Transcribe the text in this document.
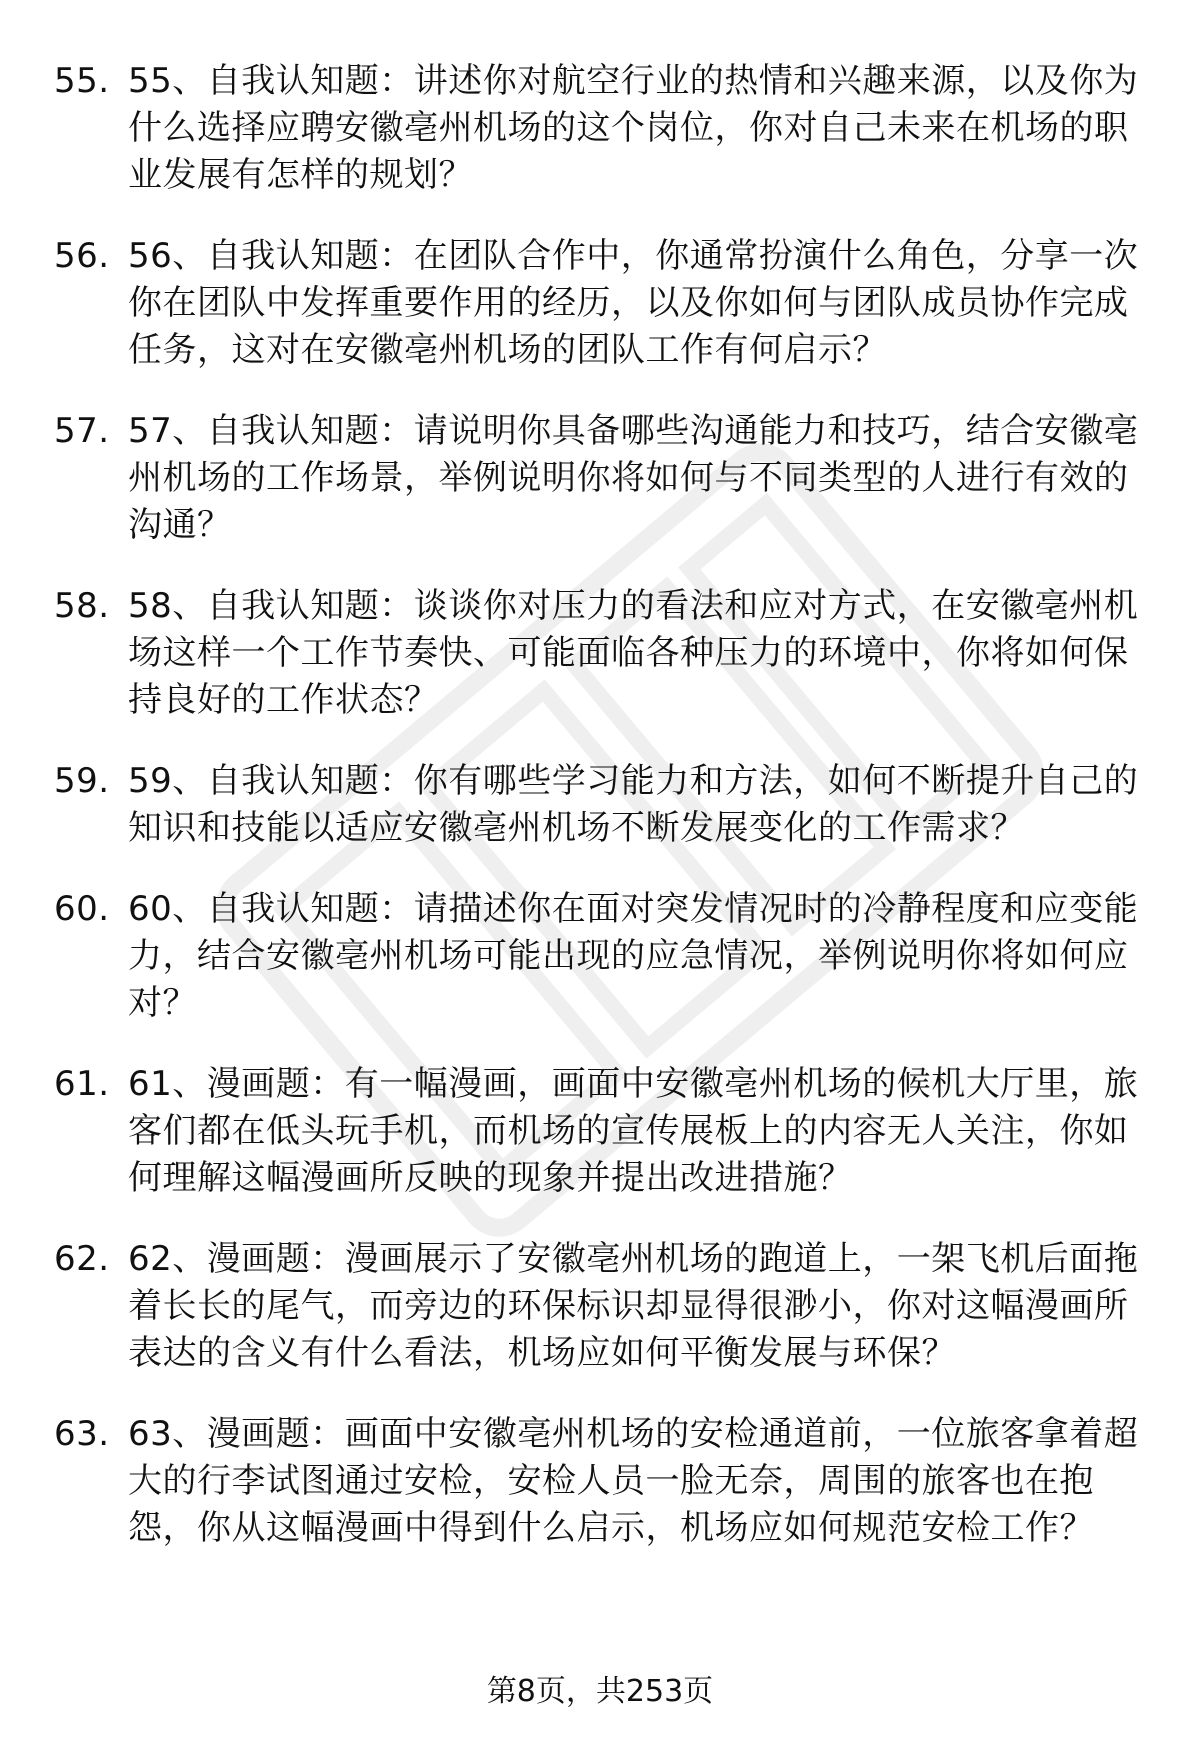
55. 55、自我认知题：讲述你对航空行业的热情和兴趣来源，以及你为什么选择应聘安徽亳州机场的这个岗位，你对自己未来在机场的职业发展有怎样的规划？
56. 56、自我认知题：在团队合作中，你通常扮演什么角色，分享一次你在团队中发挥重要作用的经历，以及你如何与团队成员协作完成任务，这对在安徽亳州机场的团队工作有何启示？
57. 57、自我认知题：请说明你具备哪些沟通能力和技巧，结合安徽亳州机场的工作场景，举例说明你将如何与不同类型的人进行有效的沟通？
58. 58、自我认知题：谈谈你对压力的看法和应对方式，在安徽亳州机场这样一个工作节奏快、可能面临各种压力的环境中，你将如何保持良好的工作状态？
59. 59、自我认知题：你有哪些学习能力和方法，如何不断提升自己的知识和技能以适应安徽亳州机场不断发展变化的工作需求？
60. 60、自我认知题：请描述你在面对突发情况时的冷静程度和应变能力，结合安徽亳州机场可能出现的应急情况，举例说明你将如何应对？
61. 61、漫画题：有一幅漫画，画面中安徽亳州机场的候机大厅里，旅客们都在低头玩手机，而机场的宣传展板上的内容无人关注，你如何理解这幅漫画所反映的现象并提出改进措施？
62. 62、漫画题：漫画展示了安徽亳州机场的跑道上，一架飞机后面拖着长长的尾气，而旁边的环保标识却显得很渺小，你对这幅漫画所表达的含义有什么看法，机场应如何平衡发展与环保？
63. 63、漫画题：画面中安徽亳州机场的安检通道前，一位旅客拿着超大的行李试图通过安检，安检人员一脸无奈，周围的旅客也在抱怨，你从这幅漫画中得到什么启示，机场应如何规范安检工作？
第8页，共253页
